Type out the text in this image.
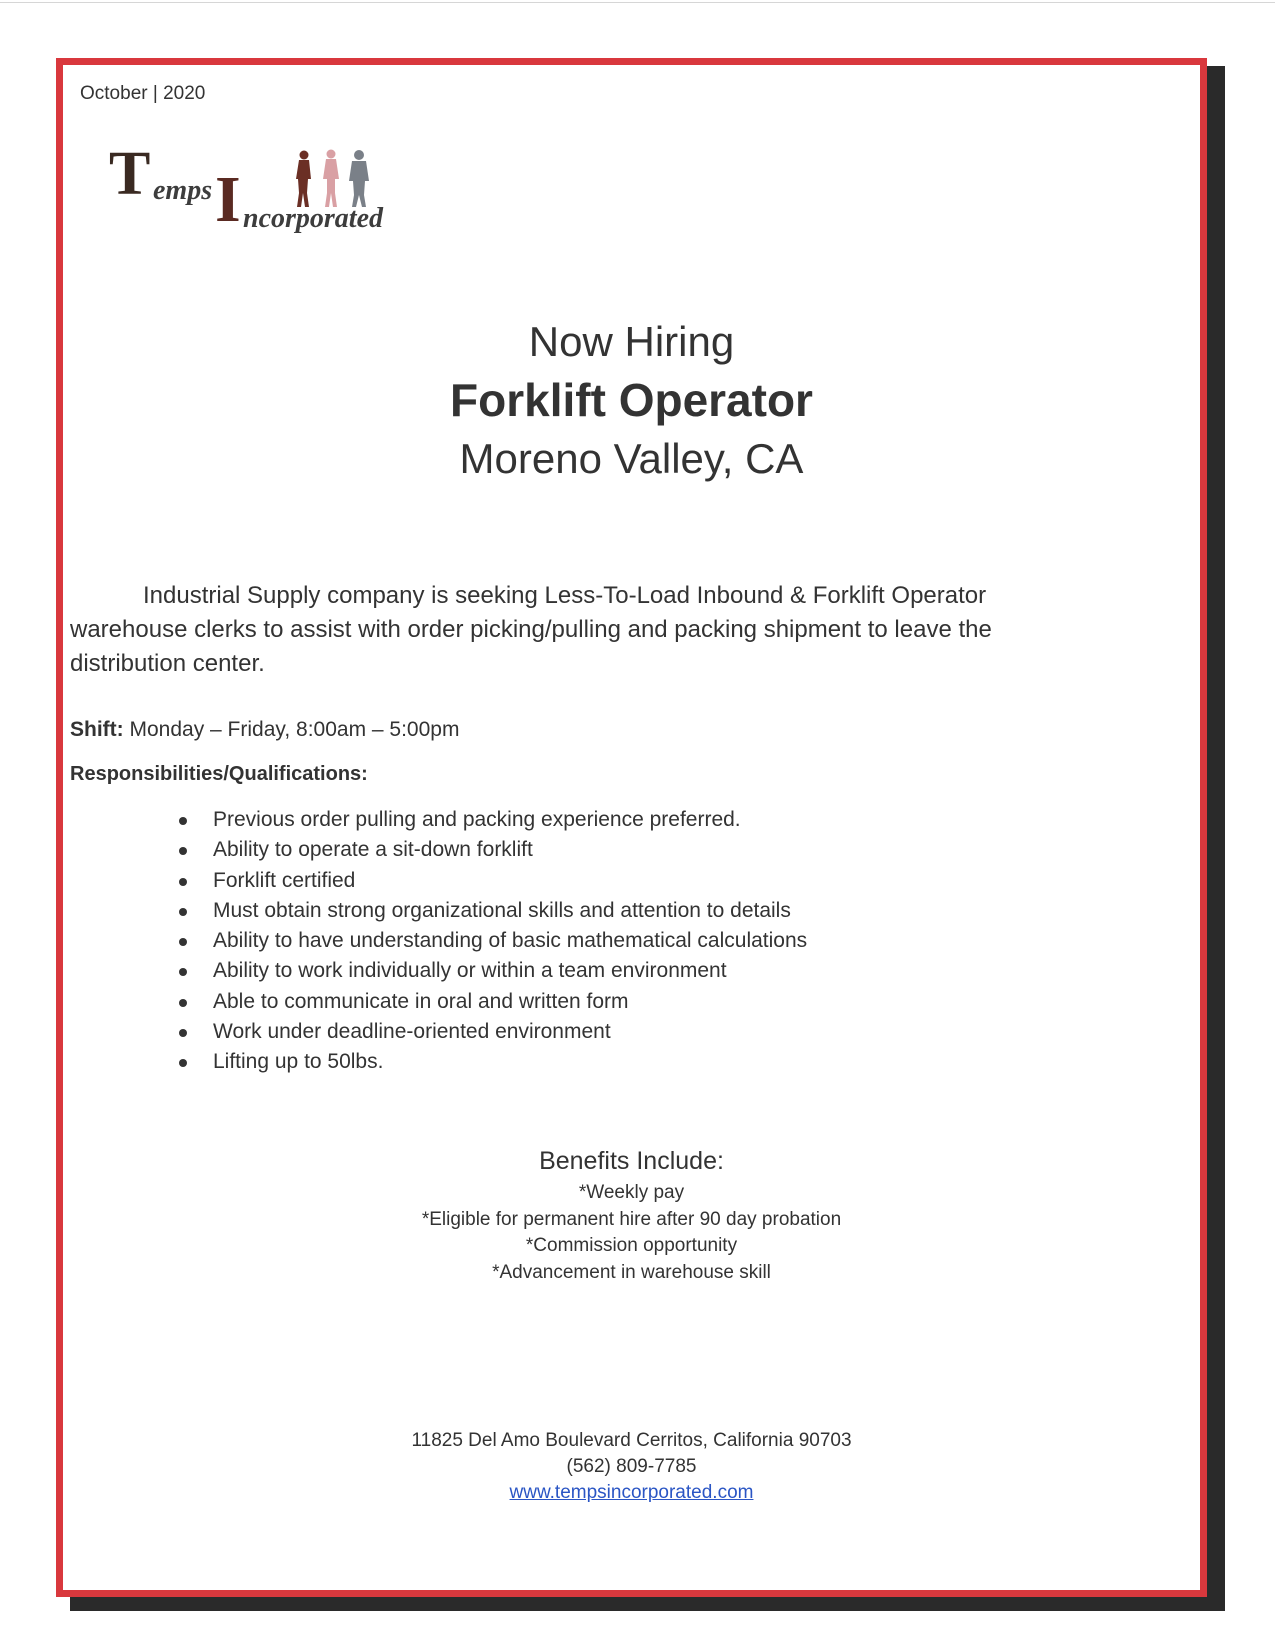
October | 2020
T emps I ncorporated
Now Hiring
Forklift Operator
Moreno Valley, CA

Industrial Supply company is seeking Less-To-Load Inbound & Forklift Operator warehouse clerks to assist with order picking/pulling and packing shipment to leave the distribution center.

Shift: Monday – Friday, 8:00am – 5:00pm
Responsibilities/Qualifications:
Previous order pulling and packing experience preferred.
Ability to operate a sit-down forklift
Forklift certified
Must obtain strong organizational skills and attention to details
Ability to have understanding of basic mathematical calculations
Ability to work individually or within a team environment
Able to communicate in oral and written form
Work under deadline-oriented environment
Lifting up to 50lbs.
Benefits Include:
*Weekly pay
*Eligible for permanent hire after 90 day probation
*Commission opportunity
*Advancement in warehouse skill
11825 Del Amo Boulevard Cerritos, California 90703
(562) 809-7785
www.tempsincorporated.com
